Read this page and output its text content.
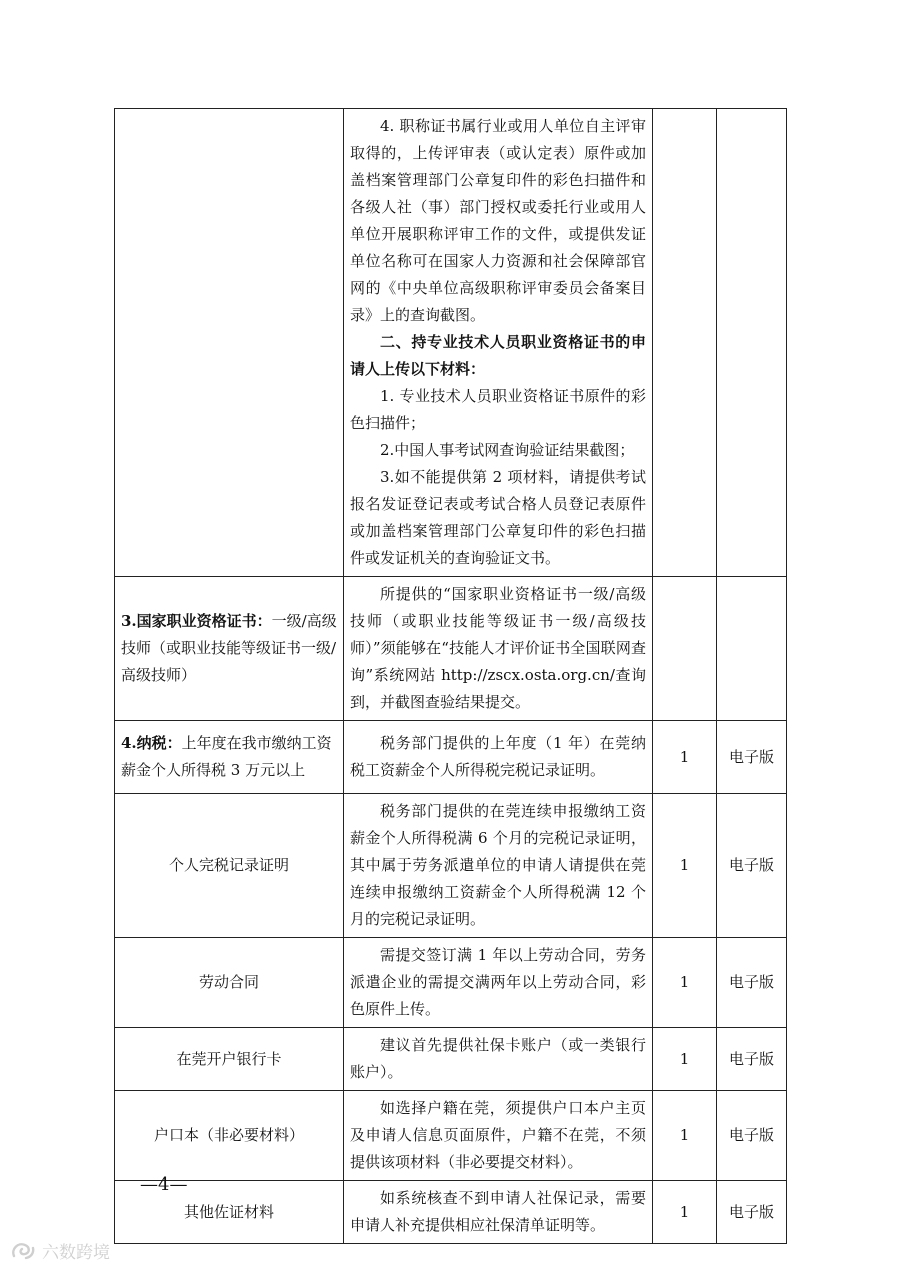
	4. 职称证书属行业或用人单位自主评审取得的，上传评审表（或认定表）原件或加盖档案管理部门公章复印件的彩色扫描件和各级人社（事）部门授权或委托行业或用人单位开展职称评审工作的文件，或提供发证单位名称可在国家人力资源和社会保障部官网的《中央单位高级职称评审委员会备案目录》上的查询截图。

二、持专业技术人员职业资格证书的申请人上传以下材料：

1. 专业技术人员职业资格证书原件的彩色扫描件；

2.中国人事考试网查询验证结果截图；

3.如不能提供第 2 项材料，请提供考试报名发证登记表或考试合格人员登记表原件或加盖档案管理部门公章复印件的彩色扫描件或发证机关的查询验证文书。		

3.国家职业资格证书：一级/高级技师（或职业技能等级证书一级/高级技师）	所提供的“国家职业资格证书一级/高级技师（或职业技能等级证书一级/高级技师）”须能够在“技能人才评价证书全国联网查询”系统网站 http://zscx.osta.org.cn/查询到，并截图查验结果提交。		

4.纳税：上年度在我市缴纳工资薪金个人所得税 3 万元以上	税务部门提供的上年度（1 年）在莞纳税工资薪金个人所得税完税记录证明。	1	电子版
个人完税记录证明	税务部门提供的在莞连续申报缴纳工资薪金个人所得税满 6 个月的完税记录证明，其中属于劳务派遣单位的申请人请提供在莞连续申报缴纳工资薪金个人所得税满 12 个月的完税记录证明。	1	电子版
劳动合同	需提交签订满 1 年以上劳动合同，劳务派遣企业的需提交满两年以上劳动合同，彩色原件上传。	1	电子版
在莞开户银行卡	建议首先提供社保卡账户（或一类银行账户）。	1	电子版
户口本（非必要材料）	如选择户籍在莞，须提供户口本户主页及申请人信息页面原件，户籍不在莞，不须提供该项材料（非必要提交材料）。	1	电子版
其他佐证材料	如系统核查不到申请人社保记录，需要申请人补充提供相应社保清单证明等。	1	电子版
—4—
六数跨境
